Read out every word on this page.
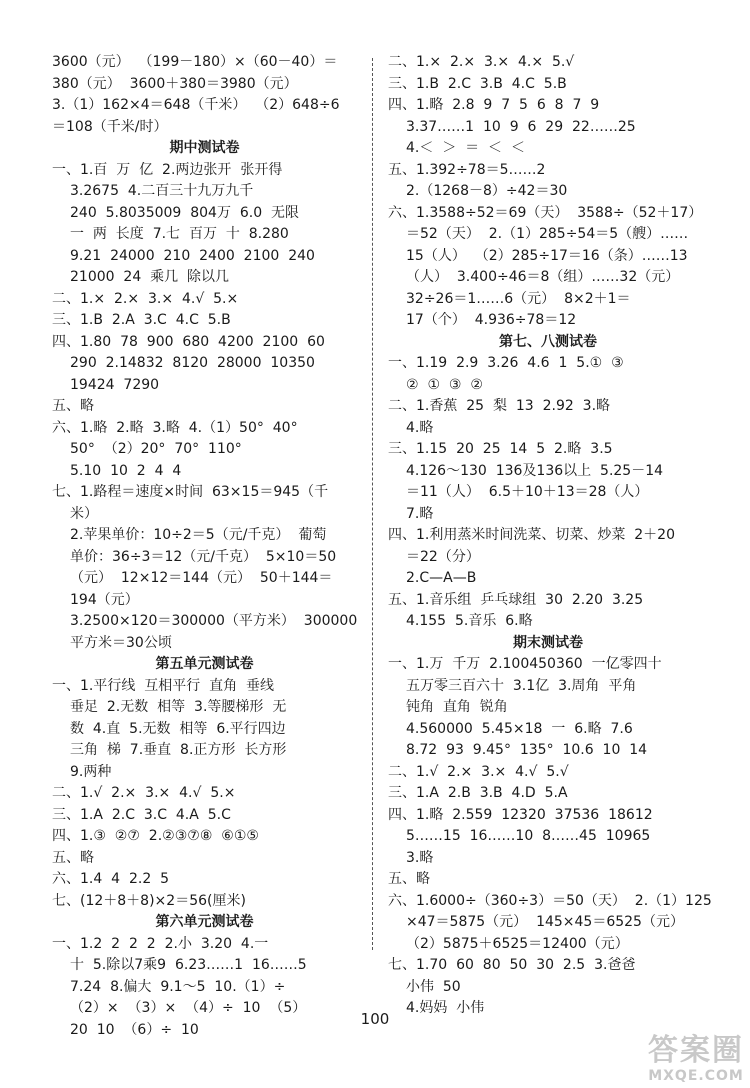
3600（元）  （199－180）×（60－40）＝
380（元）  3600＋380＝3980（元）
3.（1）162×4＝648（千米）  （2）648÷6
＝108（千米/时）
期中测试卷
一、1.百  万  亿  2.两边张开  张开得
3.2675  4.二百三十九万九千
240  5.8035009  804万  6.0  无限
一  两  长度  7.七  百万  十  8.280
9.21  24000  210  2400  2100  240
21000  24  乘几  除以几
二、1.×  2.×  3.×  4.√  5.×
三、1.B  2.A  3.C  4.C  5.B
四、1.80  78  900  680  4200  2100  60
290  2.14832  8120  28000  10350
19424  7290
五、略
六、1.略  2.略  3.略  4.（1）50°  40°
50°  （2）20°  70°  110°
5.10  10  2  4  4
七、1.路程＝速度×时间  63×15＝945（千
米）
2.苹果单价：10÷2＝5（元/千克）  葡萄
单价：36÷3＝12（元/千克）  5×10＝50
（元）  12×12＝144（元）  50＋144＝
194（元）
3.2500×120＝300000（平方米）  300000
平方米＝30公顷
第五单元测试卷
一、1.平行线  互相平行  直角  垂线
垂足  2.无数  相等  3.等腰梯形  无
数  4.直  5.无数  相等  6.平行四边
三角  梯  7.垂直  8.正方形  长方形
9.两种
二、1.√  2.×  3.×  4.√  5.×
三、1.A  2.C  3.C  4.A  5.C
四、1.③  ②⑦  2.②③⑦⑧  ⑥①⑤
五、略
六、1.4  4  2.2  5
七、(12＋8＋8)×2＝56(厘米)
第六单元测试卷
一、1.2  2  2  2  2.小  3.20  4.一
十  5.除以7乘9  6.23……1  16……5
7.24  8.偏大  9.1～5  10.（1）÷
（2）×  （3）×  （4）÷  10  （5）
20  10  （6）÷  10
二、1.×  2.×  3.×  4.×  5.√
三、1.B  2.C  3.B  4.C  5.B
四、1.略  2.8  9  7  5  6  8  7  9
3.37……1  10  9  6  29  22……25
4.＜  ＞  ＝  ＜  ＜
五、1.392÷78＝5……2
2.（1268－8）÷42＝30
六、1.3588÷52＝69（天）  3588÷（52＋17）
＝52（天）  2.（1）285÷54＝5（艘）……
15（人）  （2）285÷17＝16（条）……13
（人）  3.400÷46＝8（组）……32（元）
32÷26＝1……6（元）  8×2＋1＝
17（个）  4.936÷78＝12
第七、八测试卷
一、1.19  2.9  3.26  4.6  1  5.①  ③
②  ①  ③  ②
二、1.香蕉  25  梨  13  2.92  3.略
4.略
三、1.15  20  25  14  5  2.略  3.5
4.126～130  136及136以上  5.25－14
＝11（人）  6.5＋10＋13＝28（人）
7.略
四、1.利用蒸米时间洗菜、切菜、炒菜  2＋20
＝22（分）
2.C—A—B
五、1.音乐组  乒乓球组  30  2.20  3.25
4.155  5.音乐  6.略
期末测试卷
一、1.万  千万  2.100450360  一亿零四十
五万零三百六十  3.1亿  3.周角  平角
钝角  直角  锐角
4.560000  5.45×18  一  6.略  7.6
8.72  93  9.45°  135°  10.6  10  14
二、1.√  2.×  3.×  4.√  5.√
三、1.A  2.B  3.B  4.D  5.A
四、1.略  2.559  12320  37536  18612
5……15  16……10  8……45  10965
3.略
五、略
六、1.6000÷（360÷3）＝50（天）  2.（1）125
×47＝5875（元）  145×45＝6525（元）
（2）5875＋6525＝12400（元）
七、1.70  60  80  50  30  2.5  3.爸爸
小伟  50
4.妈妈  小伟
100
答案圈
MXQE.COM
